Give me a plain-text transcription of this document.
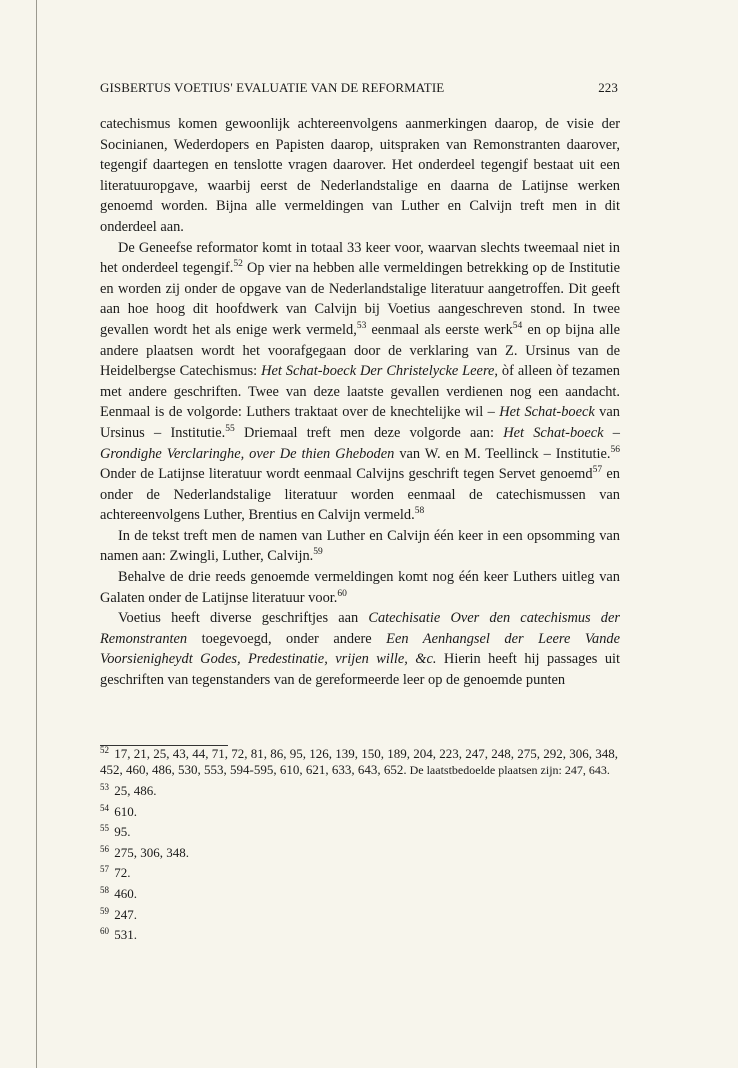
GISBERTUS VOETIUS' EVALUATIE VAN DE REFORMATIE	223

catechismus komen gewoonlijk achtereenvolgens aanmerkingen daarop, de visie der Socinianen, Wederdopers en Papisten daarop, uitspraken van Remonstranten daarover, tegengif daartegen en tenslotte vragen daarover. Het onderdeel tegengif bestaat uit een literatuuropgave, waarbij eerst de Nederlandstalige en daarna de Latijnse werken genoemd worden. Bijna alle vermeldingen van Luther en Calvijn treft men in dit onderdeel aan.

De Geneefse reformator komt in totaal 33 keer voor, waarvan slechts tweemaal niet in het onderdeel tegengif.$^{52}$ Op vier na hebben alle vermeldingen betrekking op de Institutie en worden zij onder de opgave van de Nederlandstalige literatuur aangetroffen. Dit geeft aan hoe hoog dit hoofdwerk van Calvijn bij Voetius aangeschreven stond. In twee gevallen wordt het als enige werk vermeld,$^{53}$ eenmaal als eerste werk$^{54}$ en op bijna alle andere plaatsen wordt het voorafgegaan door de verklaring van Z. Ursinus van de Heidelbergse Catechismus: Het Schat-boeck Der Christelycke Leere, òf alleen òf tezamen met andere geschriften. Twee van deze laatste gevallen verdienen nog een aandacht. Eenmaal is de volgorde: Luthers traktaat over de knechtelijke wil – Het Schat-boeck van Ursinus – Institutie.$^{55}$ Driemaal treft men deze volgorde aan: Het Schat-boeck – Grondighe Verclaringhe, over De thien Gheboden van W. en M. Teellinck – Institutie.$^{56}$ Onder de Latijnse literatuur wordt eenmaal Calvijns geschrift tegen Servet genoemd$^{57}$ en onder de Nederlandstalige literatuur worden eenmaal de catechismussen van achtereenvolgens Luther, Brentius en Calvijn vermeld.$^{58}$

In de tekst treft men de namen van Luther en Calvijn één keer in een opsomming van namen aan: Zwingli, Luther, Calvijn.$^{59}$

Behalve de drie reeds genoemde vermeldingen komt nog één keer Luthers uitleg van Galaten onder de Latijnse literatuur voor.$^{60}$

Voetius heeft diverse geschriftjes aan Catechisatie Over den catechismus der Remonstranten toegevoegd, onder andere Een Aenhangsel der Leere Vande Voorsienigheydt Godes, Predestinatie, vrijen wille, &c. Hierin heeft hij passages uit geschriften van tegenstanders van de gereformeerde leer op de genoemde punten

$^{52}$ 17, 21, 25, 43, 44, 71, 72, 81, 86, 95, 126, 139, 150, 189, 204, 223, 247, 248, 275, 292, 306, 348, 452, 460, 486, 530, 553, 594-595, 610, 621, 633, 643, 652. De laatstbedoelde plaatsen zijn: 247, 643.
$^{53}$ 25, 486.
$^{54}$ 610.
$^{55}$ 95.
$^{56}$ 275, 306, 348.
$^{57}$ 72.
$^{58}$ 460.
$^{59}$ 247.
$^{60}$ 531.
